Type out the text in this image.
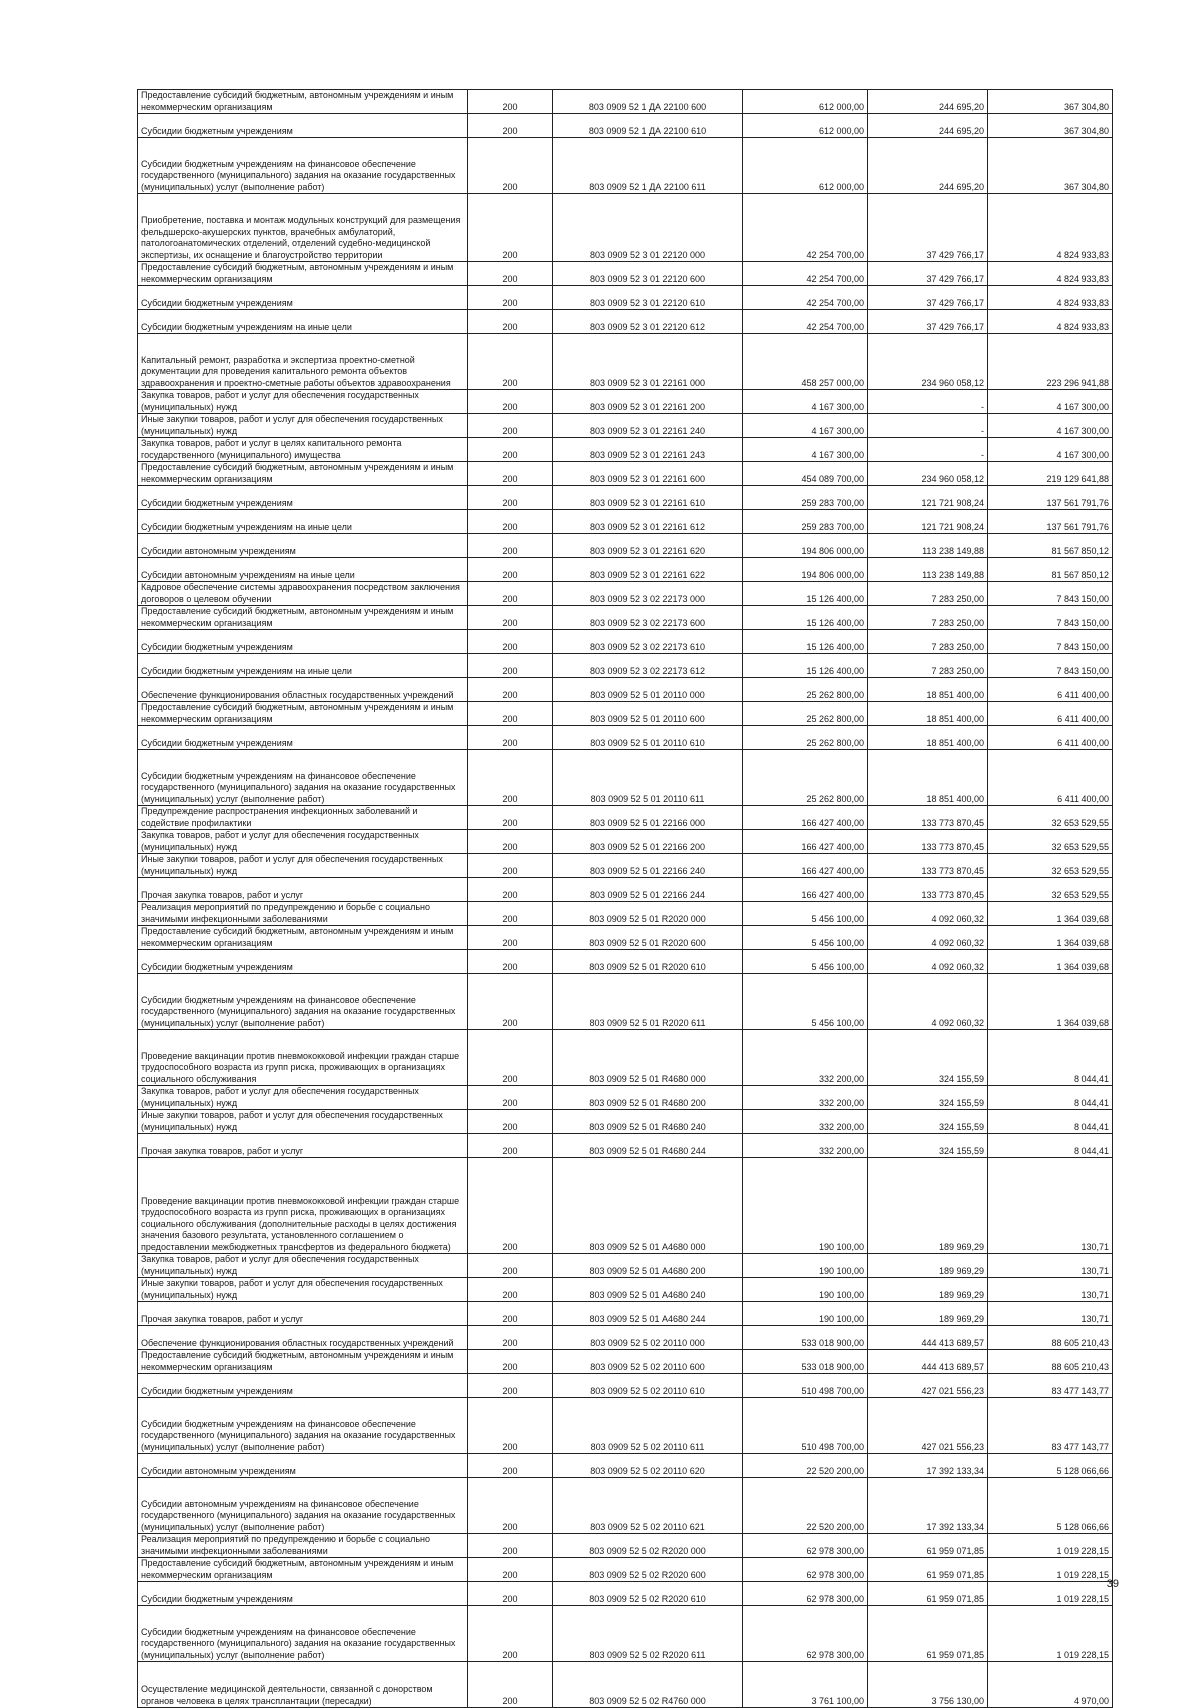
Предоставление субсидий бюджетным, автономным учреждениям и иным некоммерческим организациям	200	803 0909 52 1 ДА 22100 600	612 000,00	244 695,20	367 304,80
Субсидии бюджетным учреждениям	200	803 0909 52 1 ДА 22100 610	612 000,00	244 695,20	367 304,80
Субсидии бюджетным учреждениям на финансовое обеспечение государственного (муниципального) задания на оказание государственных (муниципальных) услуг (выполнение работ)	200	803 0909 52 1 ДА 22100 611	612 000,00	244 695,20	367 304,80
Приобретение, поставка и монтаж модульных конструкций для размещения фельдшерско-акушерских пунктов, врачебных амбулаторий, патологоанатомических отделений, отделений судебно-медицинской экспертизы, их оснащение и благоустройство территории	200	803 0909 52 3 01 22120 000	42 254 700,00	37 429 766,17	4 824 933,83
Предоставление субсидий бюджетным, автономным учреждениям и иным некоммерческим организациям	200	803 0909 52 3 01 22120 600	42 254 700,00	37 429 766,17	4 824 933,83
Субсидии бюджетным учреждениям	200	803 0909 52 3 01 22120 610	42 254 700,00	37 429 766,17	4 824 933,83
Субсидии бюджетным учреждениям на иные цели	200	803 0909 52 3 01 22120 612	42 254 700,00	37 429 766,17	4 824 933,83
Капитальный ремонт, разработка и экспертиза проектно-сметной документации для проведения капитального ремонта объектов здравоохранения и проектно-сметные работы объектов здравоохранения	200	803 0909 52 3 01 22161 000	458 257 000,00	234 960 058,12	223 296 941,88
Закупка товаров, работ и услуг для обеспечения государственных (муниципальных) нужд	200	803 0909 52 3 01 22161 200	4 167 300,00	-	4 167 300,00
Иные закупки товаров, работ и услуг для обеспечения государственных (муниципальных) нужд	200	803 0909 52 3 01 22161 240	4 167 300,00	-	4 167 300,00
Закупка товаров, работ и услуг в целях капитального ремонта государственного (муниципального) имущества	200	803 0909 52 3 01 22161 243	4 167 300,00	-	4 167 300,00
Предоставление субсидий бюджетным, автономным учреждениям и иным некоммерческим организациям	200	803 0909 52 3 01 22161 600	454 089 700,00	234 960 058,12	219 129 641,88
Субсидии бюджетным учреждениям	200	803 0909 52 3 01 22161 610	259 283 700,00	121 721 908,24	137 561 791,76
Субсидии бюджетным учреждениям на иные цели	200	803 0909 52 3 01 22161 612	259 283 700,00	121 721 908,24	137 561 791,76
Субсидии автономным учреждениям	200	803 0909 52 3 01 22161 620	194 806 000,00	113 238 149,88	81 567 850,12
Субсидии автономным учреждениям на иные цели	200	803 0909 52 3 01 22161 622	194 806 000,00	113 238 149,88	81 567 850,12
Кадровое обеспечение системы здравоохранения посредством заключения договоров о целевом обучении	200	803 0909 52 3 02 22173 000	15 126 400,00	7 283 250,00	7 843 150,00
Предоставление субсидий бюджетным, автономным учреждениям и иным некоммерческим организациям	200	803 0909 52 3 02 22173 600	15 126 400,00	7 283 250,00	7 843 150,00
Субсидии бюджетным учреждениям	200	803 0909 52 3 02 22173 610	15 126 400,00	7 283 250,00	7 843 150,00
Субсидии бюджетным учреждениям на иные цели	200	803 0909 52 3 02 22173 612	15 126 400,00	7 283 250,00	7 843 150,00
Обеспечение функционирования областных государственных учреждений	200	803 0909 52 5 01 20110 000	25 262 800,00	18 851 400,00	6 411 400,00
Предоставление субсидий бюджетным, автономным учреждениям и иным некоммерческим организациям	200	803 0909 52 5 01 20110 600	25 262 800,00	18 851 400,00	6 411 400,00
Субсидии бюджетным учреждениям	200	803 0909 52 5 01 20110 610	25 262 800,00	18 851 400,00	6 411 400,00
Субсидии бюджетным учреждениям на финансовое обеспечение государственного (муниципального) задания на оказание государственных (муниципальных) услуг (выполнение работ)	200	803 0909 52 5 01 20110 611	25 262 800,00	18 851 400,00	6 411 400,00
Предупреждение распространения инфекционных заболеваний и содействие профилактики	200	803 0909 52 5 01 22166 000	166 427 400,00	133 773 870,45	32 653 529,55
Закупка товаров, работ и услуг для обеспечения государственных (муниципальных) нужд	200	803 0909 52 5 01 22166 200	166 427 400,00	133 773 870,45	32 653 529,55
Иные закупки товаров, работ и услуг для обеспечения государственных (муниципальных) нужд	200	803 0909 52 5 01 22166 240	166 427 400,00	133 773 870,45	32 653 529,55
Прочая закупка товаров, работ и услуг	200	803 0909 52 5 01 22166 244	166 427 400,00	133 773 870,45	32 653 529,55
Реализация мероприятий по предупреждению и борьбе с социально значимыми инфекционными заболеваниями	200	803 0909 52 5 01 R2020 000	5 456 100,00	4 092 060,32	1 364 039,68
Предоставление субсидий бюджетным, автономным учреждениям и иным некоммерческим организациям	200	803 0909 52 5 01 R2020 600	5 456 100,00	4 092 060,32	1 364 039,68
Субсидии бюджетным учреждениям	200	803 0909 52 5 01 R2020 610	5 456 100,00	4 092 060,32	1 364 039,68
Субсидии бюджетным учреждениям на финансовое обеспечение государственного (муниципального) задания на оказание государственных (муниципальных) услуг (выполнение работ)	200	803 0909 52 5 01 R2020 611	5 456 100,00	4 092 060,32	1 364 039,68
Проведение вакцинации против пневмококковой инфекции граждан старше трудоспособного возраста из групп риска, проживающих в организациях социального обслуживания	200	803 0909 52 5 01 R4680 000	332 200,00	324 155,59	8 044,41
Закупка товаров, работ и услуг для обеспечения государственных (муниципальных) нужд	200	803 0909 52 5 01 R4680 200	332 200,00	324 155,59	8 044,41
Иные закупки товаров, работ и услуг для обеспечения государственных (муниципальных) нужд	200	803 0909 52 5 01 R4680 240	332 200,00	324 155,59	8 044,41
Прочая закупка товаров, работ и услуг	200	803 0909 52 5 01 R4680 244	332 200,00	324 155,59	8 044,41
Проведение вакцинации против пневмококковой инфекции граждан старше трудоспособного возраста из групп риска, проживающих в организациях социального обслуживания (дополнительные расходы в целях достижения значения базового результата, установленного соглашением о предоставлении межбюджетных трансфертов из федерального бюджета)	200	803 0909 52 5 01 А4680 000	190 100,00	189 969,29	130,71
Закупка товаров, работ и услуг для обеспечения государственных (муниципальных) нужд	200	803 0909 52 5 01 А4680 200	190 100,00	189 969,29	130,71
Иные закупки товаров, работ и услуг для обеспечения государственных (муниципальных) нужд	200	803 0909 52 5 01 А4680 240	190 100,00	189 969,29	130,71
Прочая закупка товаров, работ и услуг	200	803 0909 52 5 01 А4680 244	190 100,00	189 969,29	130,71
Обеспечение функционирования областных государственных учреждений	200	803 0909 52 5 02 20110 000	533 018 900,00	444 413 689,57	88 605 210,43
Предоставление субсидий бюджетным, автономным учреждениям и иным некоммерческим организациям	200	803 0909 52 5 02 20110 600	533 018 900,00	444 413 689,57	88 605 210,43
Субсидии бюджетным учреждениям	200	803 0909 52 5 02 20110 610	510 498 700,00	427 021 556,23	83 477 143,77
Субсидии бюджетным учреждениям на финансовое обеспечение государственного (муниципального) задания на оказание государственных (муниципальных) услуг (выполнение работ)	200	803 0909 52 5 02 20110 611	510 498 700,00	427 021 556,23	83 477 143,77
Субсидии автономным учреждениям	200	803 0909 52 5 02 20110 620	22 520 200,00	17 392 133,34	5 128 066,66
Субсидии автономным учреждениям на финансовое обеспечение государственного (муниципального) задания на оказание государственных (муниципальных) услуг (выполнение работ)	200	803 0909 52 5 02 20110 621	22 520 200,00	17 392 133,34	5 128 066,66
Реализация мероприятий по предупреждению и борьбе с социально значимыми инфекционными заболеваниями	200	803 0909 52 5 02 R2020 000	62 978 300,00	61 959 071,85	1 019 228,15
Предоставление субсидий бюджетным, автономным учреждениям и иным некоммерческим организациям	200	803 0909 52 5 02 R2020 600	62 978 300,00	61 959 071,85	1 019 228,15
Субсидии бюджетным учреждениям	200	803 0909 52 5 02 R2020 610	62 978 300,00	61 959 071,85	1 019 228,15
Субсидии бюджетным учреждениям на финансовое обеспечение государственного (муниципального) задания на оказание государственных (муниципальных) услуг (выполнение работ)	200	803 0909 52 5 02 R2020 611	62 978 300,00	61 959 071,85	1 019 228,15
Осуществление медицинской деятельности, связанной с донорством органов человека в целях трансплантации (пересадки)	200	803 0909 52 5 02 R4760 000	3 761 100,00	3 756 130,00	4 970,00
39
